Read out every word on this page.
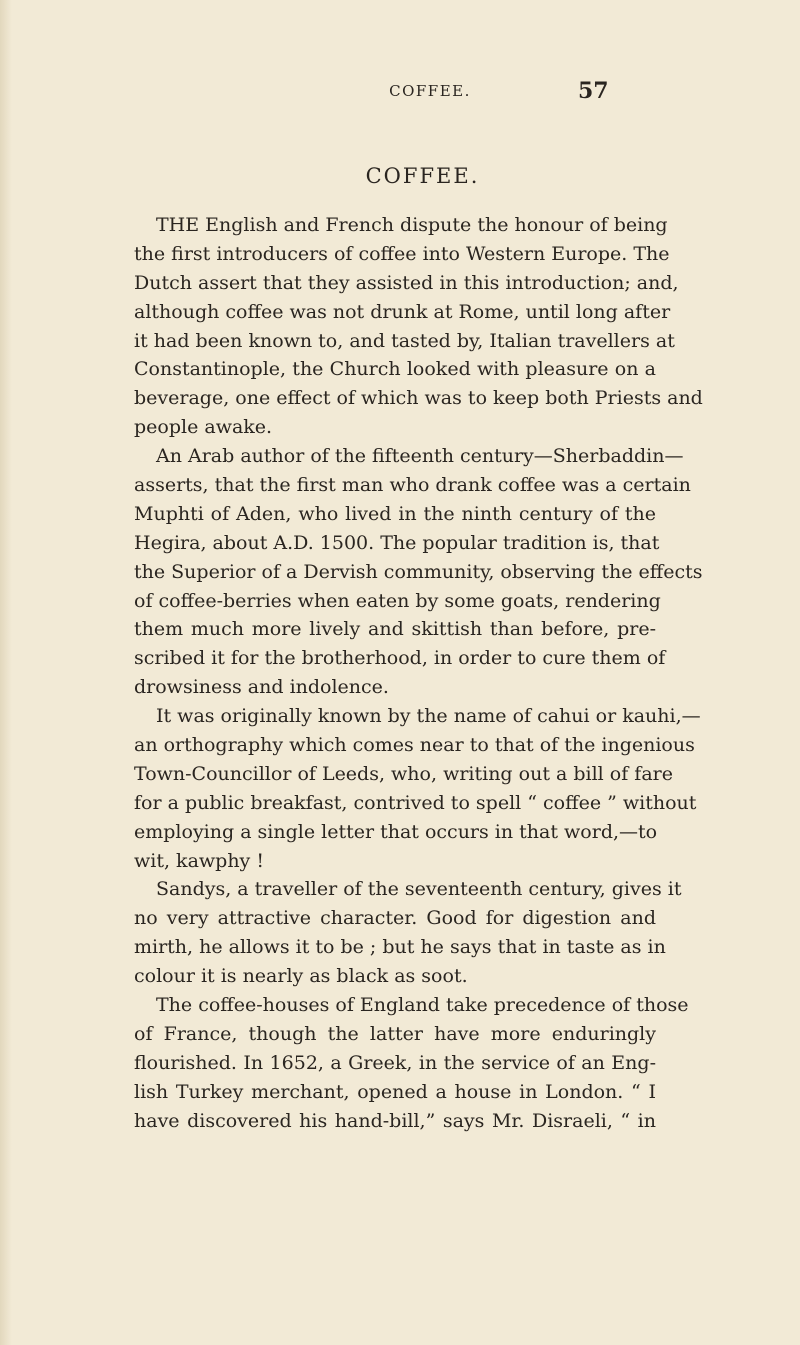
COFFEE.	57
COFFEE.
THE English and French dispute the honour of being
the first introducers of coffee into Western Europe. The
Dutch assert that they assisted in this introduction; and,
although coffee was not drunk at Rome, until long after
it had been known to, and tasted by, Italian travellers at
Constantinople, the Church looked with pleasure on a
beverage, one effect of which was to keep both Priests and
people awake.
An Arab author of the fifteenth century—Sherbaddin—
asserts, that the first man who drank coffee was a certain
Muphti of Aden, who lived in the ninth century of the
Hegira, about A.D. 1500. The popular tradition is, that
the Superior of a Dervish community, observing the effects
of coffee-berries when eaten by some goats, rendering
them much more lively and skittish than before, pre-
scribed it for the brotherhood, in order to cure them of
drowsiness and indolence.
It was originally known by the name of cahui or kauhi,—
an orthography which comes near to that of the ingenious
Town-Councillor of Leeds, who, writing out a bill of fare
for a public breakfast, contrived to spell “ coffee ” without
employing a single letter that occurs in that word,—to
wit, kawphy !
Sandys, a traveller of the seventeenth century, gives it
no very attractive character. Good for digestion and
mirth, he allows it to be ; but he says that in taste as in
colour it is nearly as black as soot.
The coffee-houses of England take precedence of those
of France, though the latter have more enduringly
flourished. In 1652, a Greek, in the service of an Eng-
lish Turkey merchant, opened a house in London. “ I
have discovered his hand-bill,” says Mr. Disraeli, “ in
